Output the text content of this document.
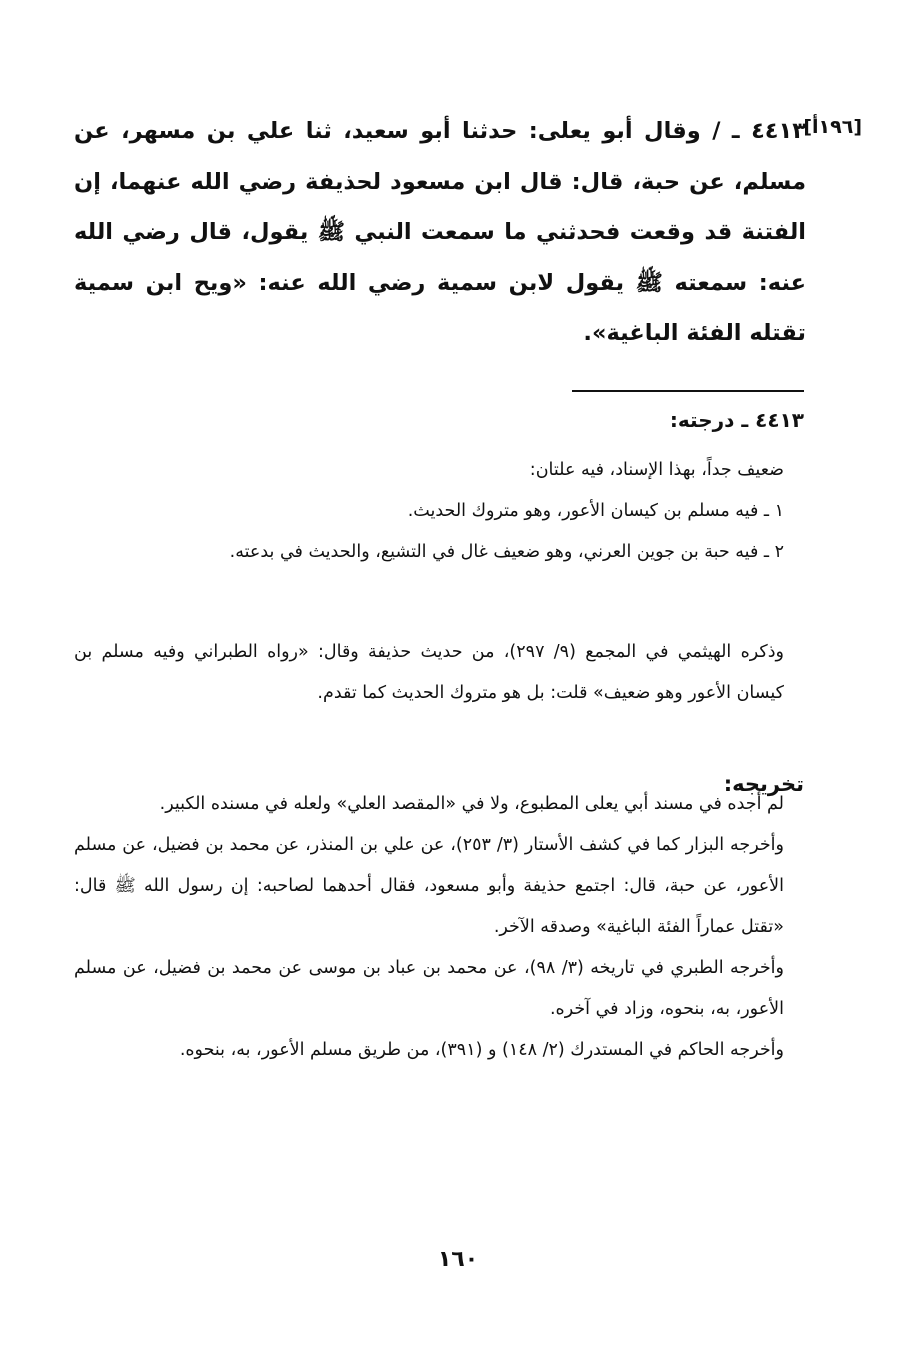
[١٩٦أ]
٤٤١٣ ـ / وقال أبو يعلى: حدثنا أبو سعيد، ثنا علي بن مسهر، عن مسلم، عن حبة، قال: قال ابن مسعود لحذيفة رضي الله عنهما، إن الفتنة قد وقعت فحدثني ما سمعت النبي ﷺ يقول، قال رضي الله عنه: سمعته ﷺ يقول لابن سمية رضي الله عنه: «ويح ابن سمية تقتله الفئة الباغية».
٤٤١٣ ـ درجته:

ضعيف جداً، بهذا الإسناد، فيه علتان:

١ ـ فيه مسلم بن كيسان الأعور، وهو متروك الحديث.

٢ ـ فيه حبة بن جوين العرني، وهو ضعيف غال في التشيع، والحديث في بدعته.

وذكره الهيثمي في المجمع (٩/ ٢٩٧)، من حديث حذيفة وقال: «رواه الطبراني وفيه مسلم بن كيسان الأعور وهو ضعيف» قلت: بل هو متروك الحديث كما تقدم.

تخريجه:

لم أجده في مسند أبي يعلى المطبوع، ولا في «المقصد العلي» ولعله في مسنده الكبير.

وأخرجه البزار كما في كشف الأستار (٣/ ٢٥٣)، عن علي بن المنذر، عن محمد بن فضيل، عن مسلم الأعور، عن حبة، قال: اجتمع حذيفة وأبو مسعود، فقال أحدهما لصاحبه: إن رسول الله ﷺ قال: «تقتل عماراً الفئة الباغية» وصدقه الآخر.

وأخرجه الطبري في تاريخه (٣/ ٩٨)، عن محمد بن عباد بن موسى عن محمد بن فضيل، عن مسلم الأعور، به، بنحوه، وزاد في آخره.

وأخرجه الحاكم في المستدرك (٢/ ١٤٨) و (٣٩١)، من طريق مسلم الأعور، به، بنحوه.

١٦٠
